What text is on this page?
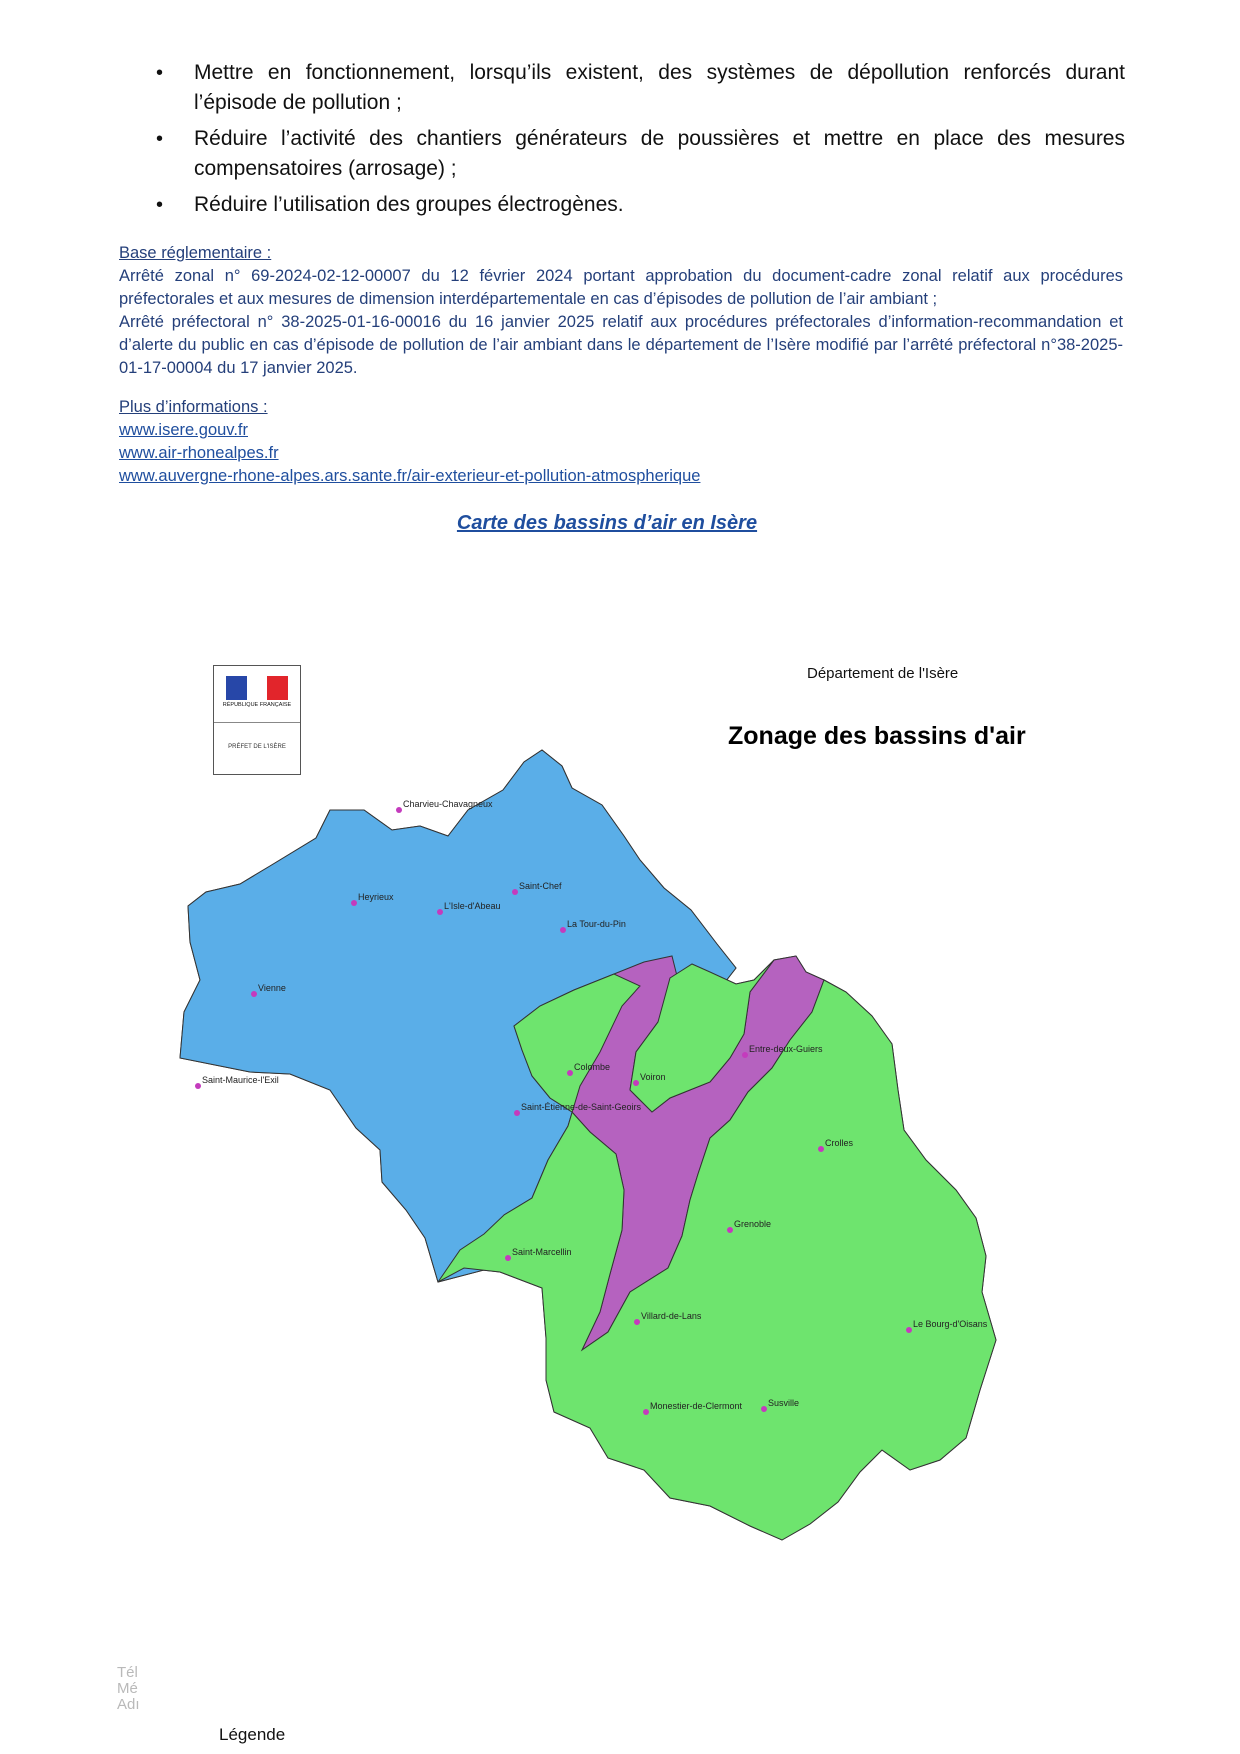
• Mettre en fonctionnement, lorsqu’ils existent, des systèmes de dépollution renforcés durant l’épisode de pollution ;
• Réduire l’activité des chantiers générateurs de poussières et mettre en place des mesures compensatoires (arrosage) ;
• Réduire l’utilisation des groupes électrogènes.
Base réglementaire :

Arrêté zonal n° 69-2024-02-12-00007 du 12 février 2024 portant approbation du document-cadre zonal relatif aux procédures préfectorales et aux mesures de dimension interdépartementale en cas d’épisodes de pollution de l’air ambiant ;

Arrêté préfectoral n° 38-2025-01-16-00016 du 16 janvier 2025 relatif aux procédures préfectorales d’information-recommandation et d’alerte du public en cas d’épisode de pollution de l’air ambiant dans le département de l’Isère modifié par l’arrêté préfectoral n°38-2025-01-17-00004 du 17 janvier 2025.

Plus d’informations :
www.isere.gouv.fr
www.air-rhonealpes.fr
www.auvergne-rhone-alpes.ars.sante.fr/air-exterieur-et-pollution-atmospherique
Carte des bassins d’air en Isère
RÉPUBLIQUE FRANÇAISE
PRÉFET DE L'ISÈRE
Département de l'Isère
Zonage des bassins d'air
Charvieu-Chavagneux
Heyrieux
L'Isle-d'Abeau
Saint-Chef
La Tour-du-Pin
Vienne
Saint-Maurice-l'Exil
Colombe
Voiron
Saint-Étienne-de-Saint-Geoirs
Entre-deux-Guiers
Crolles
Grenoble
Saint-Marcellin
Villard-de-Lans
Le Bourg-d'Oisans
Monestier-de-Clermont	Susville
Tél
Mé
Adı
Légende
